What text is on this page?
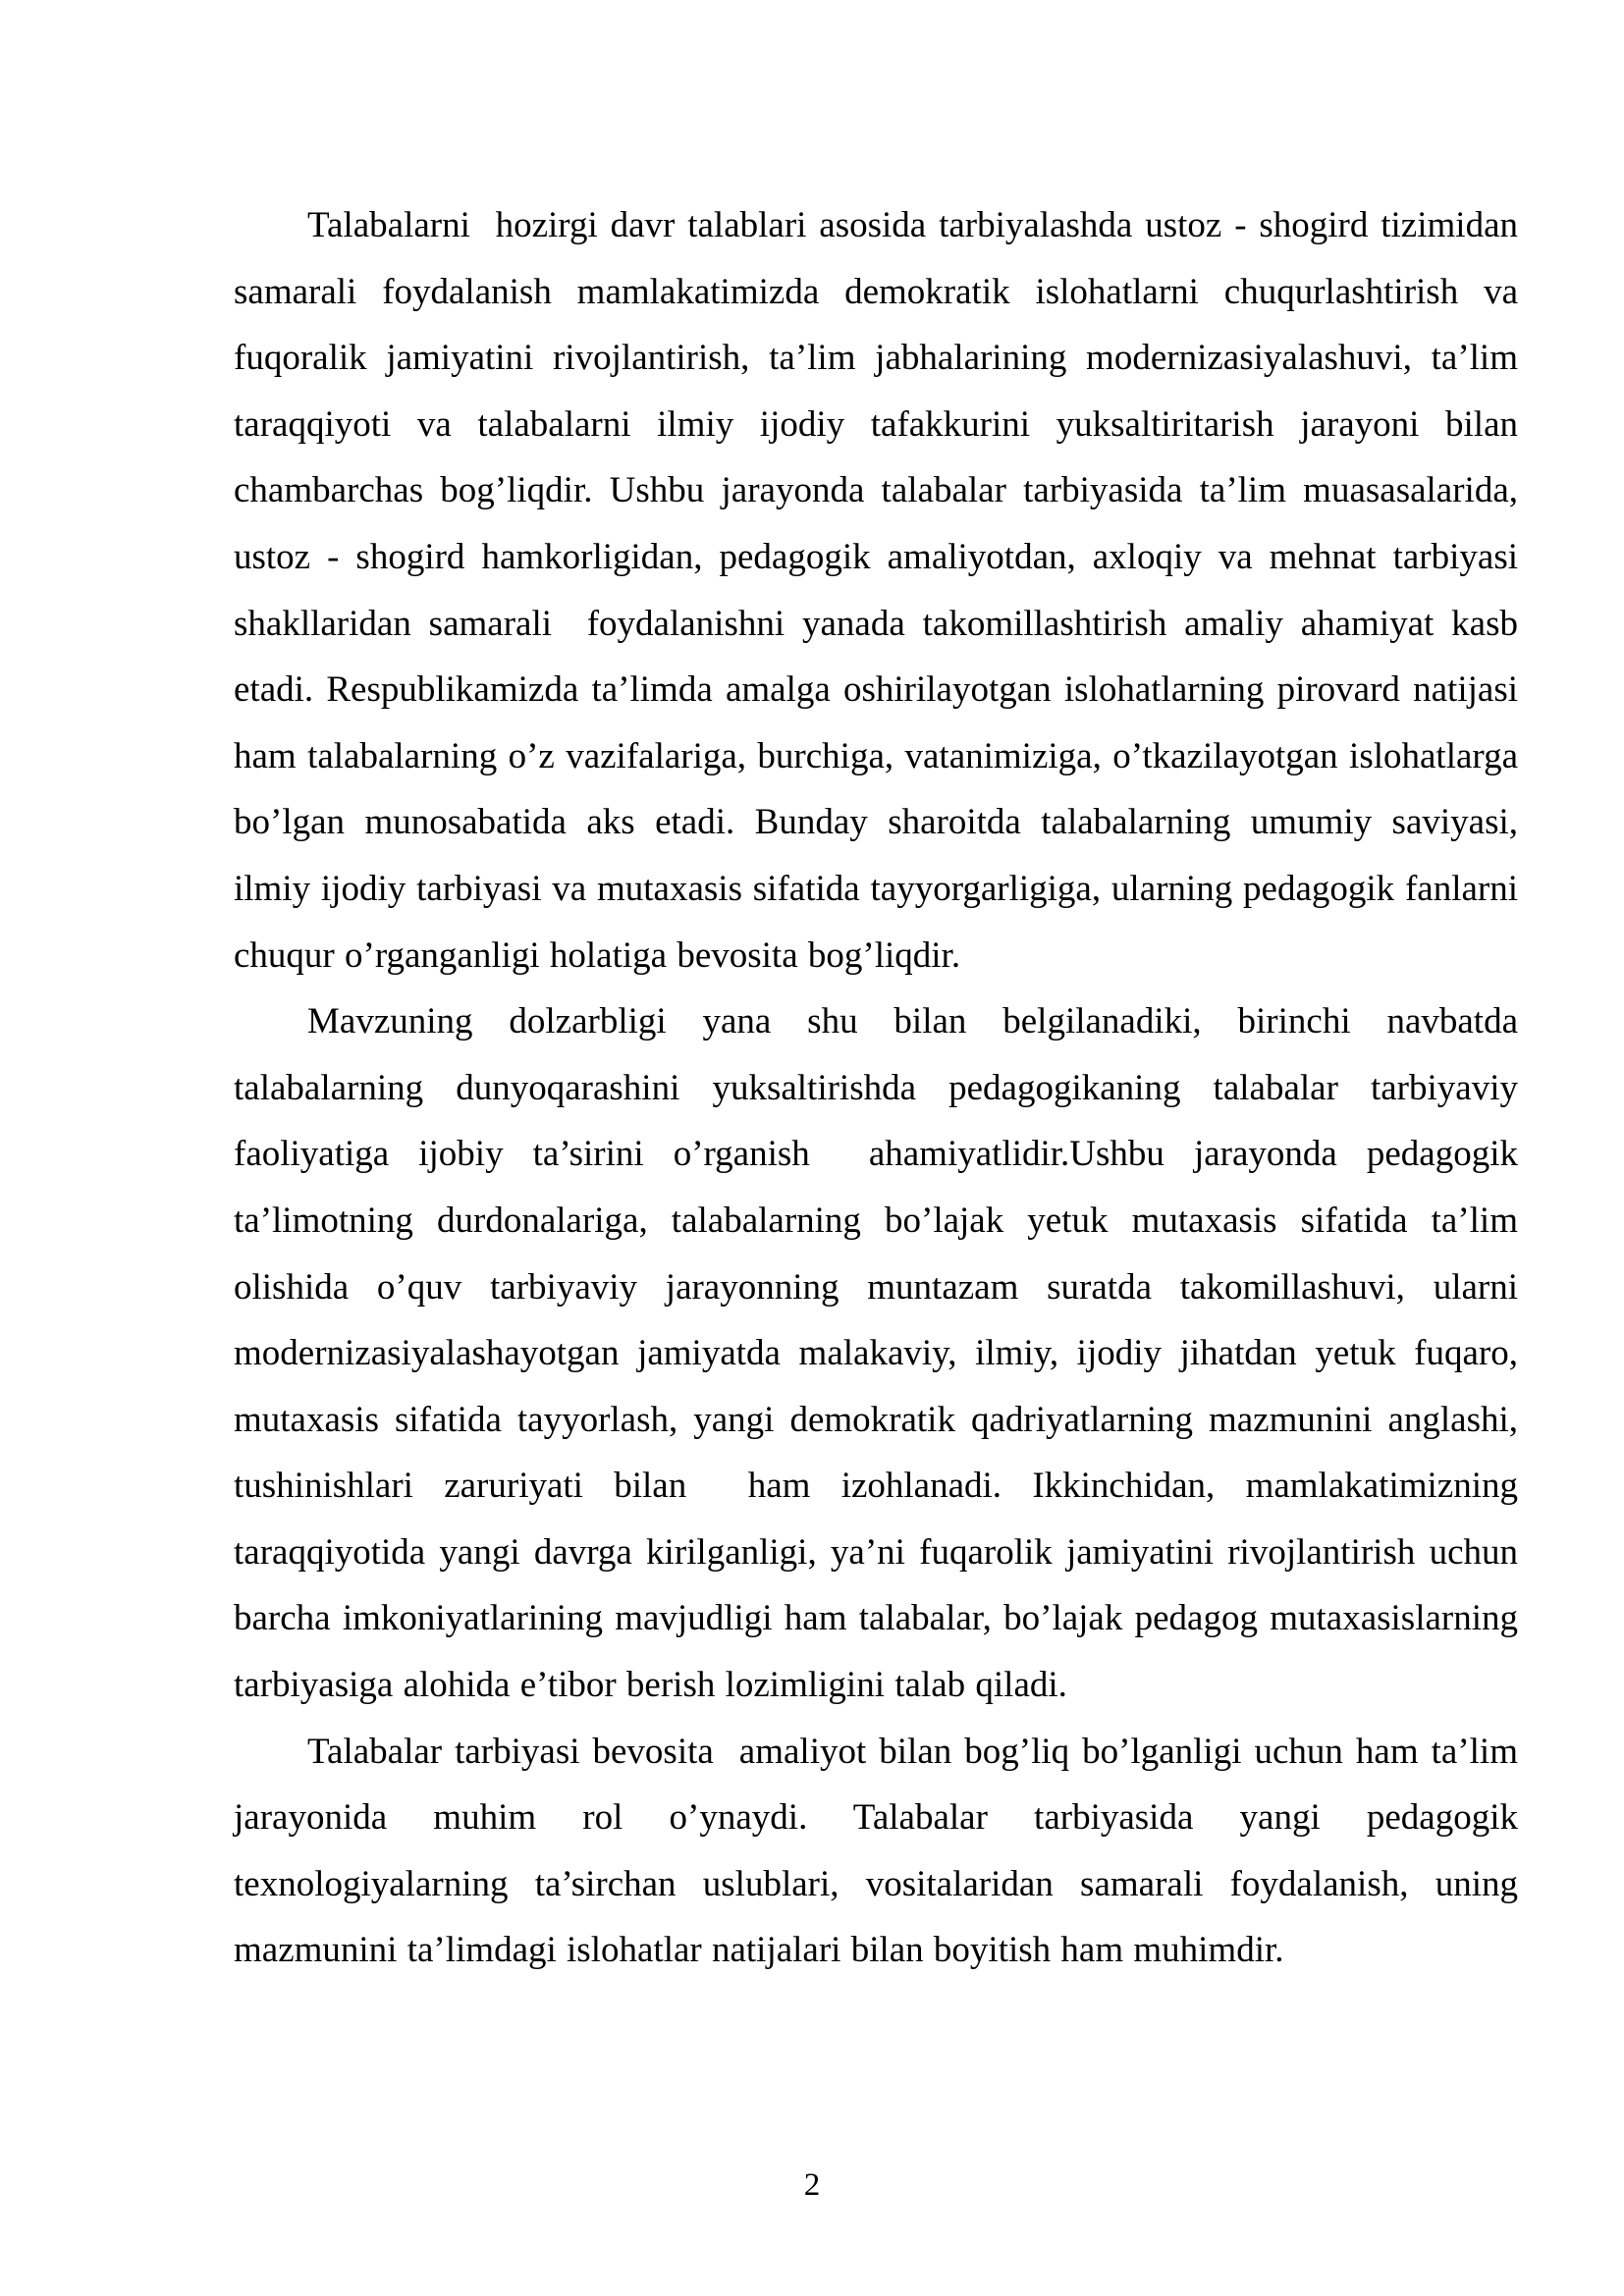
Talabalarni  hozirgi davr talablari asosida tarbiyalashda ustoz - shogird tizimidan samarali foydalanish mamlakatimizda demokratik islohatlarni chuqurlashtirish va fuqoralik jamiyatini rivojlantirish, ta’lim jabhalarining modernizasiyalashuvi, ta’lim taraqqiyoti va talabalarni ilmiy ijodiy tafakkurini yuksaltiritarish jarayoni bilan chambarchas bog’liqdir. Ushbu jarayonda talabalar tarbiyasida ta’lim muasasalarida, ustoz - shogird hamkorligidan, pedagogik amaliyotdan, axloqiy va mehnat tarbiyasi shakllaridan samarali  foydalanishni yanada takomillashtirish amaliy ahamiyat kasb etadi. Respublikamizda ta’limda amalga oshirilayotgan islohatlarning pirovard natijasi ham talabalarning o’z vazifalariga, burchiga, vatanimiziga, o’tkazilayotgan islohatlarga bo’lgan munosabatida aks etadi. Bunday sharoitda talabalarning umumiy saviyasi, ilmiy ijodiy tarbiyasi va mutaxasis sifatida tayyorgarligiga, ularning pedagogik fanlarni chuqur o’rganganligi holatiga bevosita bog’liqdir.

Mavzuning dolzarbligi yana shu bilan belgilanadiki, birinchi navbatda talabalarning dunyoqarashini yuksaltirishda pedagogikaning talabalar tarbiyaviy faoliyatiga ijobiy ta’sirini o’rganish  ahamiyatlidir.Ushbu jarayonda pedagogik ta’limotning durdonalariga, talabalarning bo’lajak yetuk mutaxasis sifatida ta’lim olishida o’quv tarbiyaviy jarayonning muntazam suratda takomillashuvi, ularni modernizasiyalashayotgan jamiyatda malakaviy, ilmiy, ijodiy jihatdan yetuk fuqaro, mutaxasis sifatida tayyorlash, yangi demokratik qadriyatlarning mazmunini anglashi, tushinishlari zaruriyati bilan  ham izohlanadi. Ikkinchidan, mamlakatimizning taraqqiyotida yangi davrga kirilganligi, ya’ni fuqarolik jamiyatini rivojlantirish uchun barcha imkoniyatlarining mavjudligi ham talabalar, bo’lajak pedagog mutaxasislarning tarbiyasiga alohida e’tibor berish lozimligini talab qiladi.

Talabalar tarbiyasi bevosita  amaliyot bilan bog’liq bo’lganligi uchun ham ta’lim jarayonida muhim rol o’ynaydi. Talabalar tarbiyasida yangi pedagogik texnologiyalarning ta’sirchan uslublari, vositalaridan samarali foydalanish, uning mazmunini ta’limdagi islohatlar natijalari bilan boyitish ham muhimdir.

2
